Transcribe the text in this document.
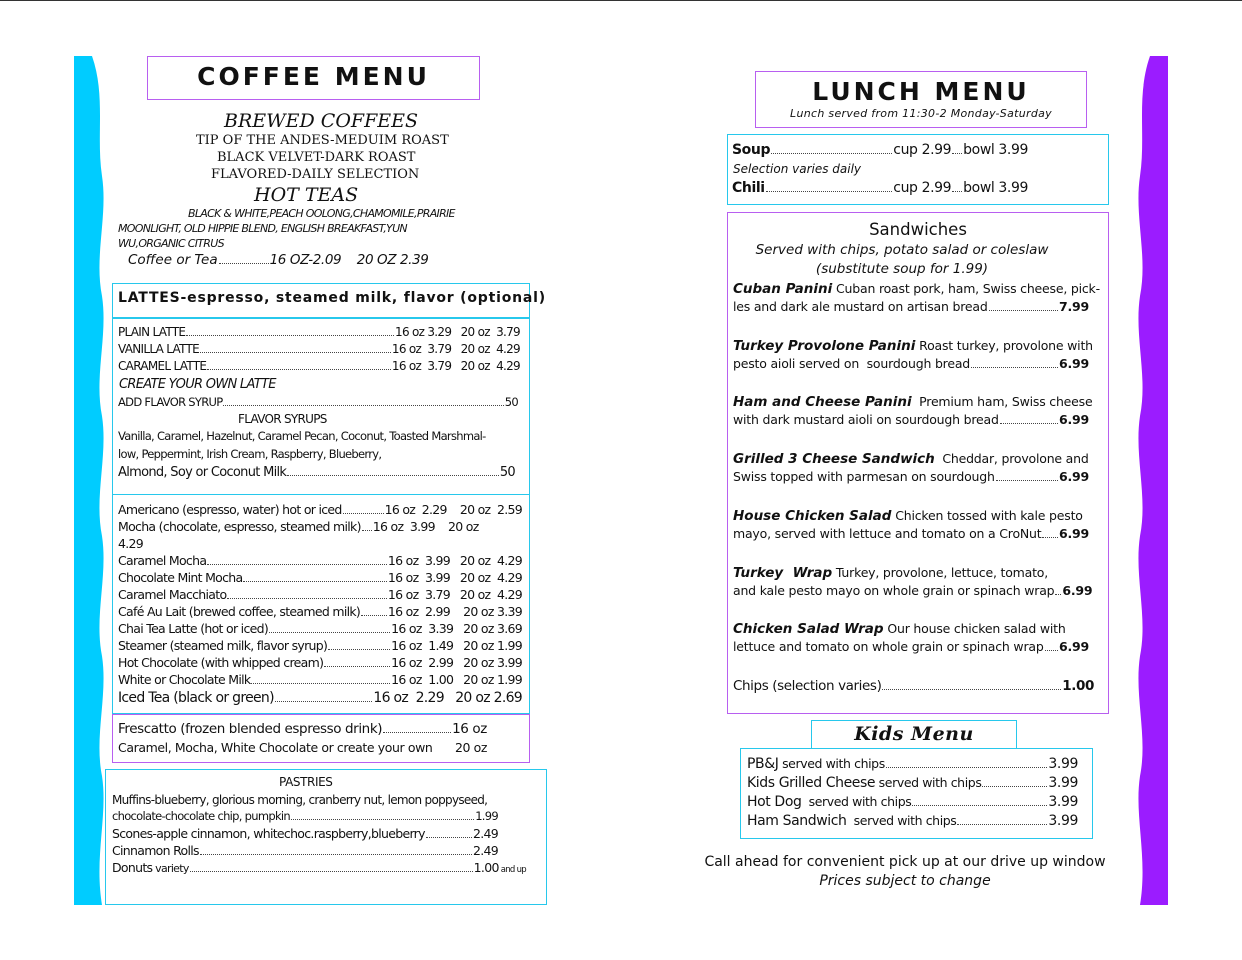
COFFEE MENU
BREWED COFFEES
TIP OF THE ANDES-MEDUIM ROAST
BLACK VELVET-DARK ROAST
FLAVORED-DAILY SELECTION
HOT TEAS
BLACK & WHITE,PEACH OOLONG,CHAMOMILE,PRAIRIE
MOONLIGHT, OLD HIPPIE BLEND, ENGLISH BREAKFAST,YUN
WU,ORGANIC CITRUS
Coffee or Tea	16 OZ-2.09    20 OZ 2.39
LATTES-espresso, steamed milk, flavor (optional)
PLAIN LATTE	16 oz 3.29   20 oz  3.79
VANILLA LATTE	16 oz  3.79   20 oz  4.29
CARAMEL LATTE	16 oz  3.79   20 oz  4.29
CREATE YOUR OWN LATTE
ADD FLAVOR SYRUP	50
FLAVOR SYRUPS
Vanilla, Caramel, Hazelnut, Caramel Pecan, Coconut, Toasted Marshmal-
low, Peppermint, Irish Cream, Raspberry, Blueberry,
Almond, Soy or Coconut Milk	50
Americano (espresso, water) hot or iced	16 oz  2.29    20 oz  2.59
Mocha (chocolate, espresso, steamed milk) 16 oz  3.99    20 oz
4.29
Caramel Mocha	16 oz  3.99   20 oz  4.29
Chocolate Mint Mocha	16 oz  3.99   20 oz  4.29
Caramel Macchiato	16 oz  3.79   20 oz  4.29
Café Au Lait (brewed coffee, steamed milk) 16 oz  2.99    20 oz 3.39
Chai Tea Latte (hot or iced)	16 oz  3.39   20 oz 3.69
Steamer (steamed milk, flavor syrup)	16 oz  1.49   20 oz 1.99
Hot Chocolate (with whipped cream)	16 oz  2.99   20 oz 3.99
White or Chocolate Milk	16 oz  1.00   20 oz 1.99
Iced Tea (black or green)	16 oz  2.29   20 oz 2.69
Frescatto (frozen blended espresso drink)	16 oz
Caramel, Mocha, White Chocolate or create your own 20 oz
PASTRIES
Muffins-blueberry, glorious morning, cranberry nut, lemon poppyseed,
chocolate-chocolate chip, pumpkin	1.99
Scones-apple cinnamon, whitechoc.raspberry,blueberry	2.49
Cinnamon Rolls	2.49
Donuts variety	1.00 and up
LUNCH MENU
Lunch served from 11:30-2 Monday-Saturday
Soup	cup 2.99 bowl 3.99
Selection varies daily
Chili	cup 2.99 bowl 3.99
Sandwiches
Served with chips, potato salad or coleslaw
(substitute soup for 1.99)
Cuban Panini Cuban roast pork, ham, Swiss cheese, pick-
les and dark ale mustard on artisan bread	7.99
Turkey Provolone Panini Roast turkey, provolone with
pesto aioli served on  sourdough bread	6.99
Ham and Cheese Panini  Premium ham, Swiss cheese
with dark mustard aioli on sourdough bread	6.99
Grilled 3 Cheese Sandwich  Cheddar, provolone and
Swiss topped with parmesan on sourdough	6.99
House Chicken Salad Chicken tossed with kale pesto
mayo, served with lettuce and tomato on a CroNut 6.99
Turkey  Wrap Turkey, provolone, lettuce, tomato,
and kale pesto mayo on whole grain or spinach wrap 6.99
Chicken Salad Wrap Our house chicken salad with
lettuce and tomato on whole grain or spinach wrap 6.99
Chips (selection varies)	1.00
Kids Menu
PB&J served with chips	3.99
Kids Grilled Cheese served with chips	3.99
Hot Dog served with chips	3.99
Ham Sandwich served with chips	3.99
Call ahead for convenient pick up at our drive up window
Prices subject to change
